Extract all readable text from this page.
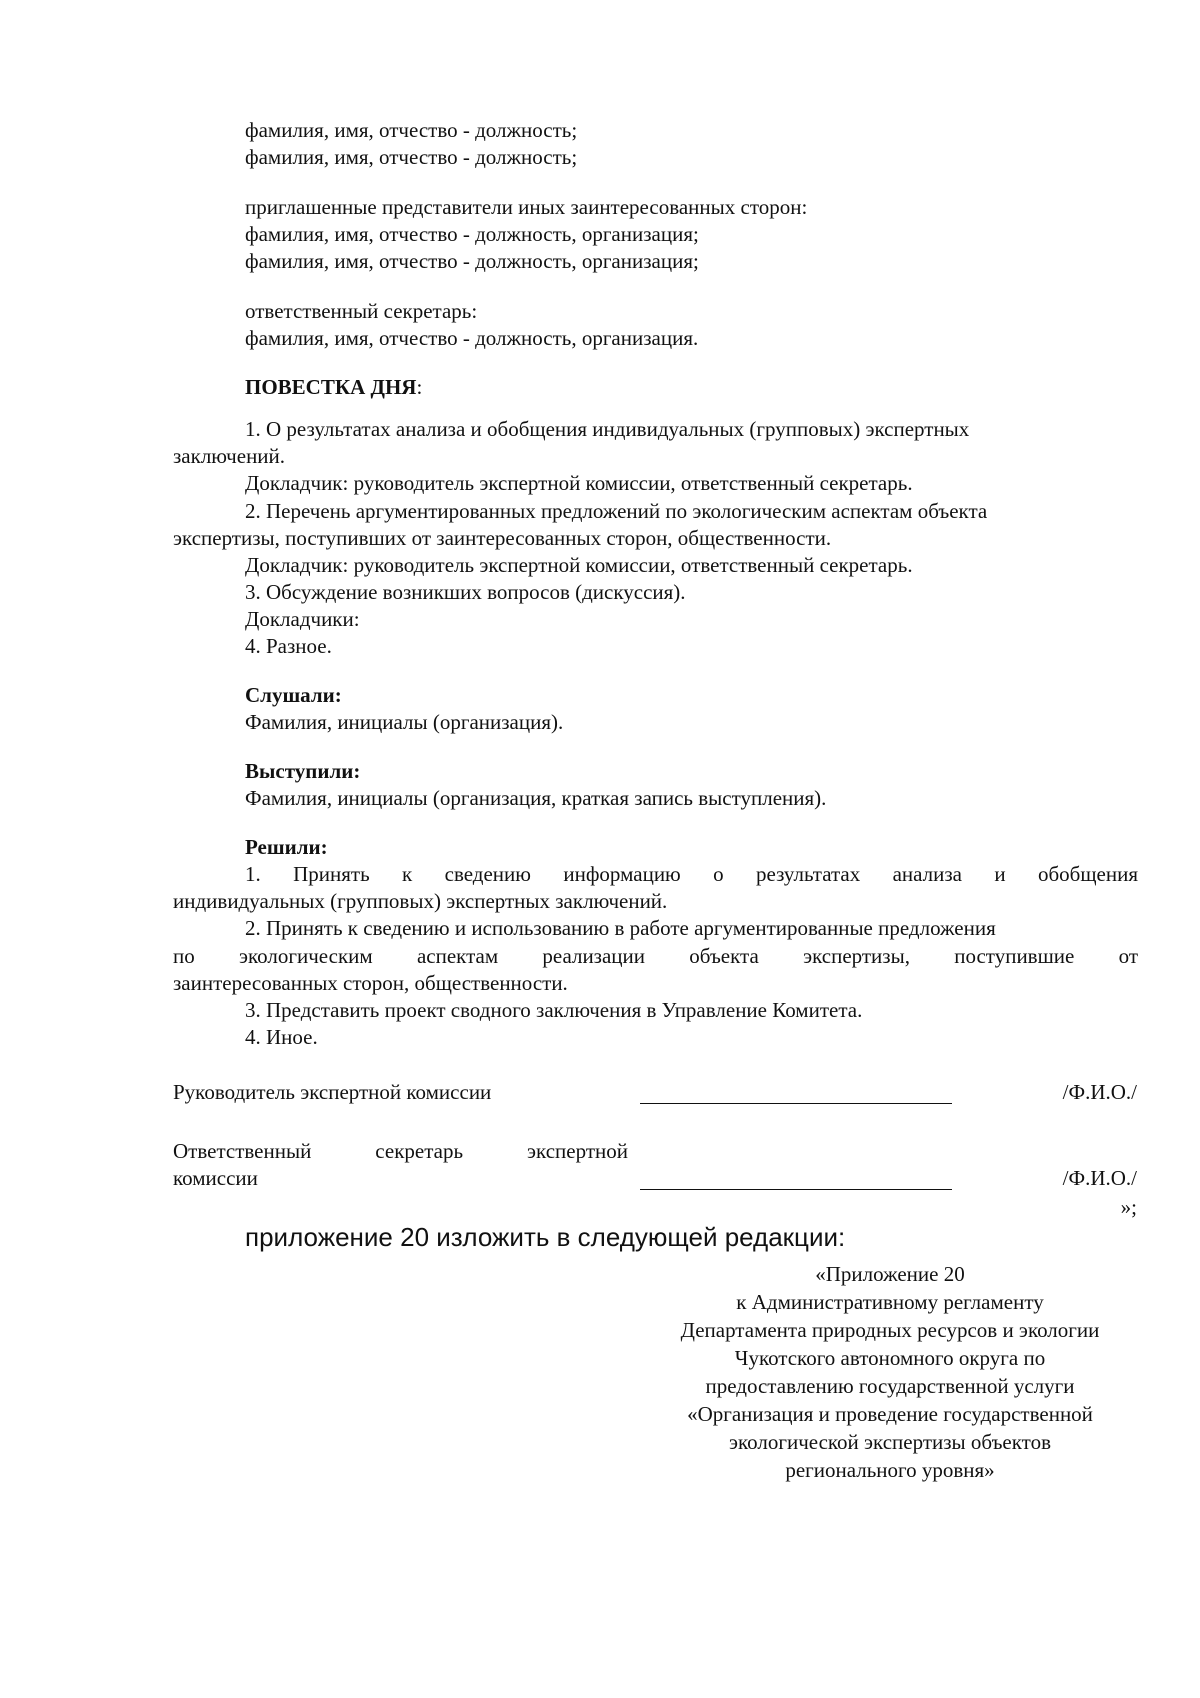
фамилия, имя, отчество - должность;

фамилия, имя, отчество - должность;

приглашенные представители иных заинтересованных сторон:

фамилия, имя, отчество - должность, организация;

фамилия, имя, отчество - должность, организация;

ответственный секретарь:

фамилия, имя, отчество - должность, организация.

ПОВЕСТКА ДНЯ:

1. О результатах анализа и обобщения индивидуальных (групповых) экспертных

заключений.

Докладчик: руководитель экспертной комиссии, ответственный секретарь.

2. Перечень аргументированных предложений по экологическим аспектам объекта

экспертизы, поступивших от заинтересованных сторон, общественности.

Докладчик: руководитель экспертной комиссии, ответственный секретарь.

3. Обсуждение возникших вопросов (дискуссия).

Докладчики:

4. Разное.

Слушали:

Фамилия, инициалы (организация).

Выступили:

Фамилия, инициалы (организация, краткая запись выступления).

Решили:

1. Принять к сведению информацию о результатах анализа и обобщения

индивидуальных (групповых) экспертных заключений.

2. Принять к сведению и использованию в работе аргументированные предложения

по экологическим аспектам реализации объекта экспертизы, поступившие от

заинтересованных сторон, общественности.

3. Представить проект сводного заключения в Управление Комитета.

4. Иное.

Руководитель экспертной комиссии	/Ф.И.О./

Ответственный секретарь экспертной

комиссии	/Ф.И.О./

»;

приложение 20 изложить в следующей редакции:

«Приложение 20
к Административному регламенту
Департамента природных ресурсов и экологии
Чукотского автономного округа по
предоставлению государственной услуги
«Организация и проведение государственной
экологической экспертизы объектов
регионального уровня»
